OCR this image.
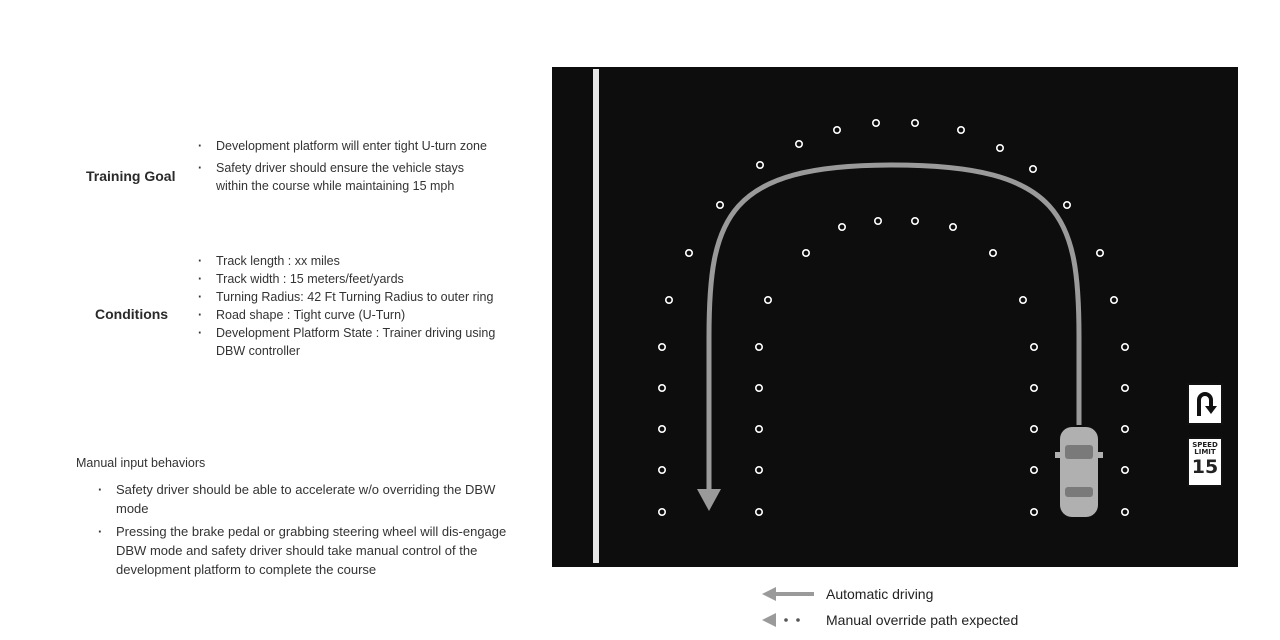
Training Goal
· Development platform will enter tight U-turn zone
· Safety driver should ensure the vehicle stays within the course while maintaining 15 mph
Conditions
· Track length : xx miles
· Track width : 15 meters/feet/yards
· Turning Radius: 42 Ft Turning Radius to outer ring
· Road shape : Tight curve (U-Turn)
· Development Platform State : Trainer driving using DBW controller
Manual input behaviors
· Safety driver should be able to accelerate w/o overriding the DBW mode
· Pressing the brake pedal or grabbing steering wheel will dis-engage DBW mode and safety driver should take manual control of the development platform to complete the course
SPEED
LIMIT
15
Automatic driving
Manual override path expected
